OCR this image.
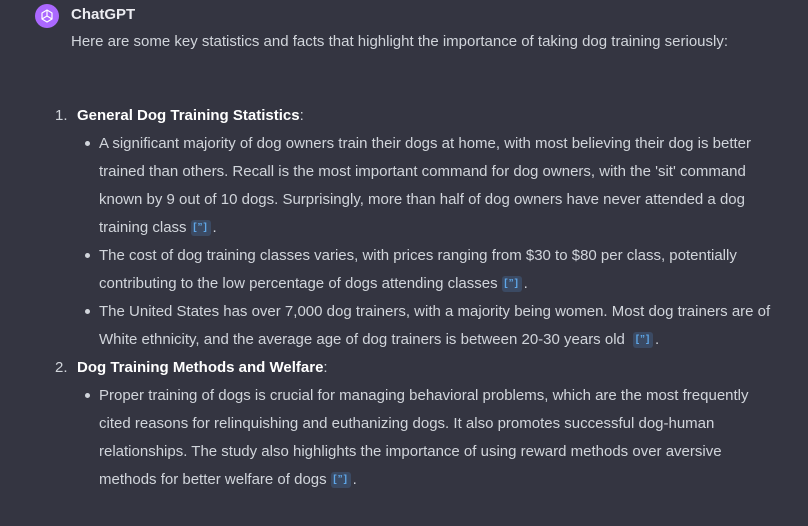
ChatGPT
Here are some key statistics and facts that highlight the importance of taking dog training seriously:
1. General Dog Training Statistics:
A significant majority of dog owners train their dogs at home, with most believing their dog is better trained than others. Recall is the most important command for dog owners, with the 'sit' command known by 9 out of 10 dogs. Surprisingly, more than half of dog owners have never attended a dog training class [”] .
The cost of dog training classes varies, with prices ranging from $30 to $80 per class, potentially contributing to the low percentage of dogs attending classes [”] .
The United States has over 7,000 dog trainers, with a majority being women. Most dog trainers are of White ethnicity, and the average age of dog trainers is between 20-30 years old [”] .
2. Dog Training Methods and Welfare:
Proper training of dogs is crucial for managing behavioral problems, which are the most frequently cited reasons for relinquishing and euthanizing dogs. It also promotes successful dog-human relationships. The study also highlights the importance of using reward methods over aversive methods for better welfare of dogs [”] .
